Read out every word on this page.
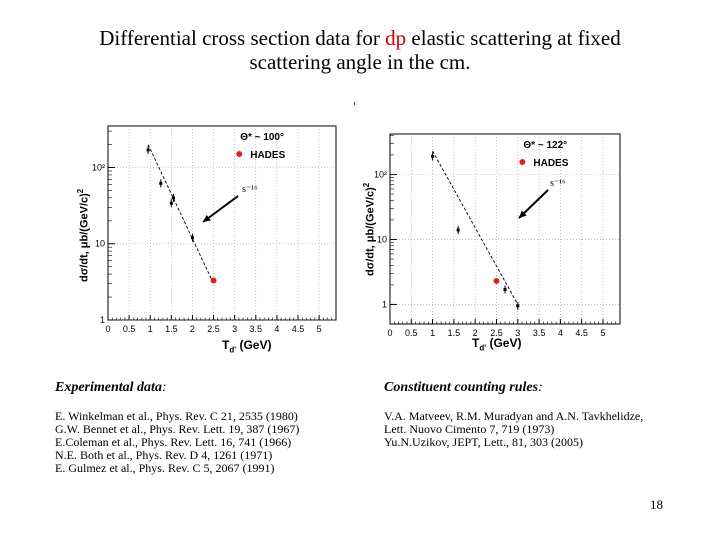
Differential cross section data for dp elastic scattering at fixed
scattering angle in the cm.
dσ/dt, $\mu b/(GeV/c)^2$
0 0.5 1 1.5 2 2.5 3 3.5 4 4.5 5
1
10
10²
Θ* ~ 100°
HADES
s⁻¹⁶
$T_{d'}$ (GeV)
dσ/dt, $\mu b/(GeV/c)^2$
0 0.5 1 1.5 2 2.5 3 3.5 4 4.5 5
1
10
10²
Θ* ~ 122°
HADES
s⁻¹⁶
$T_{d'}$ (GeV)
Experimental data:
E. Winkelman et al., Phys. Rev. C 21, 2535 (1980)
G.W. Bennet et al., Phys. Rev. Lett. 19, 387 (1967)
E.Coleman et al., Phys. Rev. Lett. 16, 741 (1966)
N.E. Both et al., Phys. Rev. D 4, 1261 (1971)
E. Gulmez et al., Phys. Rev. C 5, 2067 (1991)
Constituent counting rules:
V.A. Matveev, R.M. Muradyan and A.N. Tavkhelidze,
Lett. Nuovo Cimento 7, 719 (1973)
Yu.N.Uzikov, JEPT, Lett., 81, 303 (2005)
18
